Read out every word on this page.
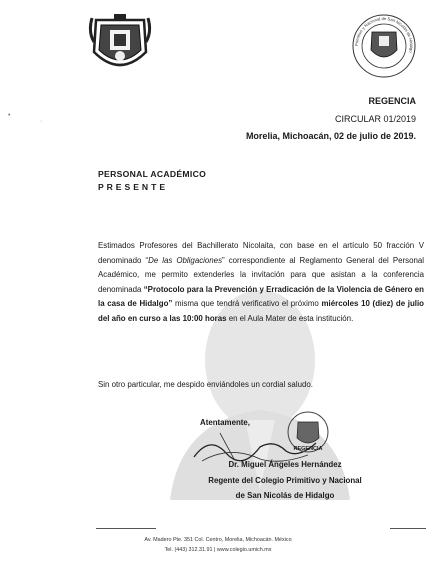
Primitivo y Nacional de San Nicolás de Hidalgo
REGENCIA
CIRCULAR 01/2019
Morelia, Michoacán, 02 de julio de 2019.
•
·
PERSONAL ACADÉMICO
P R E S E N T E
Estimados Profesores del Bachillerato Nicolaita, con base en el artículo 50 fracción V denominado “De las Obligaciones” correspondiente al Reglamento General del Personal Académico, me permito extenderles la invitación para que asistan a la conferencia denominada “Protocolo para la Prevención y Erradicación de la Violencia de Género en la casa de Hidalgo” misma que tendrá verificativo el próximo miércoles 10 (diez) de julio del año en curso a las 10:00 horas en el Aula Mater de esta institución.
Sin otro particular, me despido enviándoles un cordial saludo.
Atentamente,
REGENCIA
Dr. Miguel Ángeles Hernández
Regente del Colegio Primitivo y Nacional
de San Nicolás de Hidalgo
Av. Madero Pte. 351 Col. Centro, Morelia, Michoacán. México
Tel. (443) 312.31.91 | www.colegio.umich.mx
